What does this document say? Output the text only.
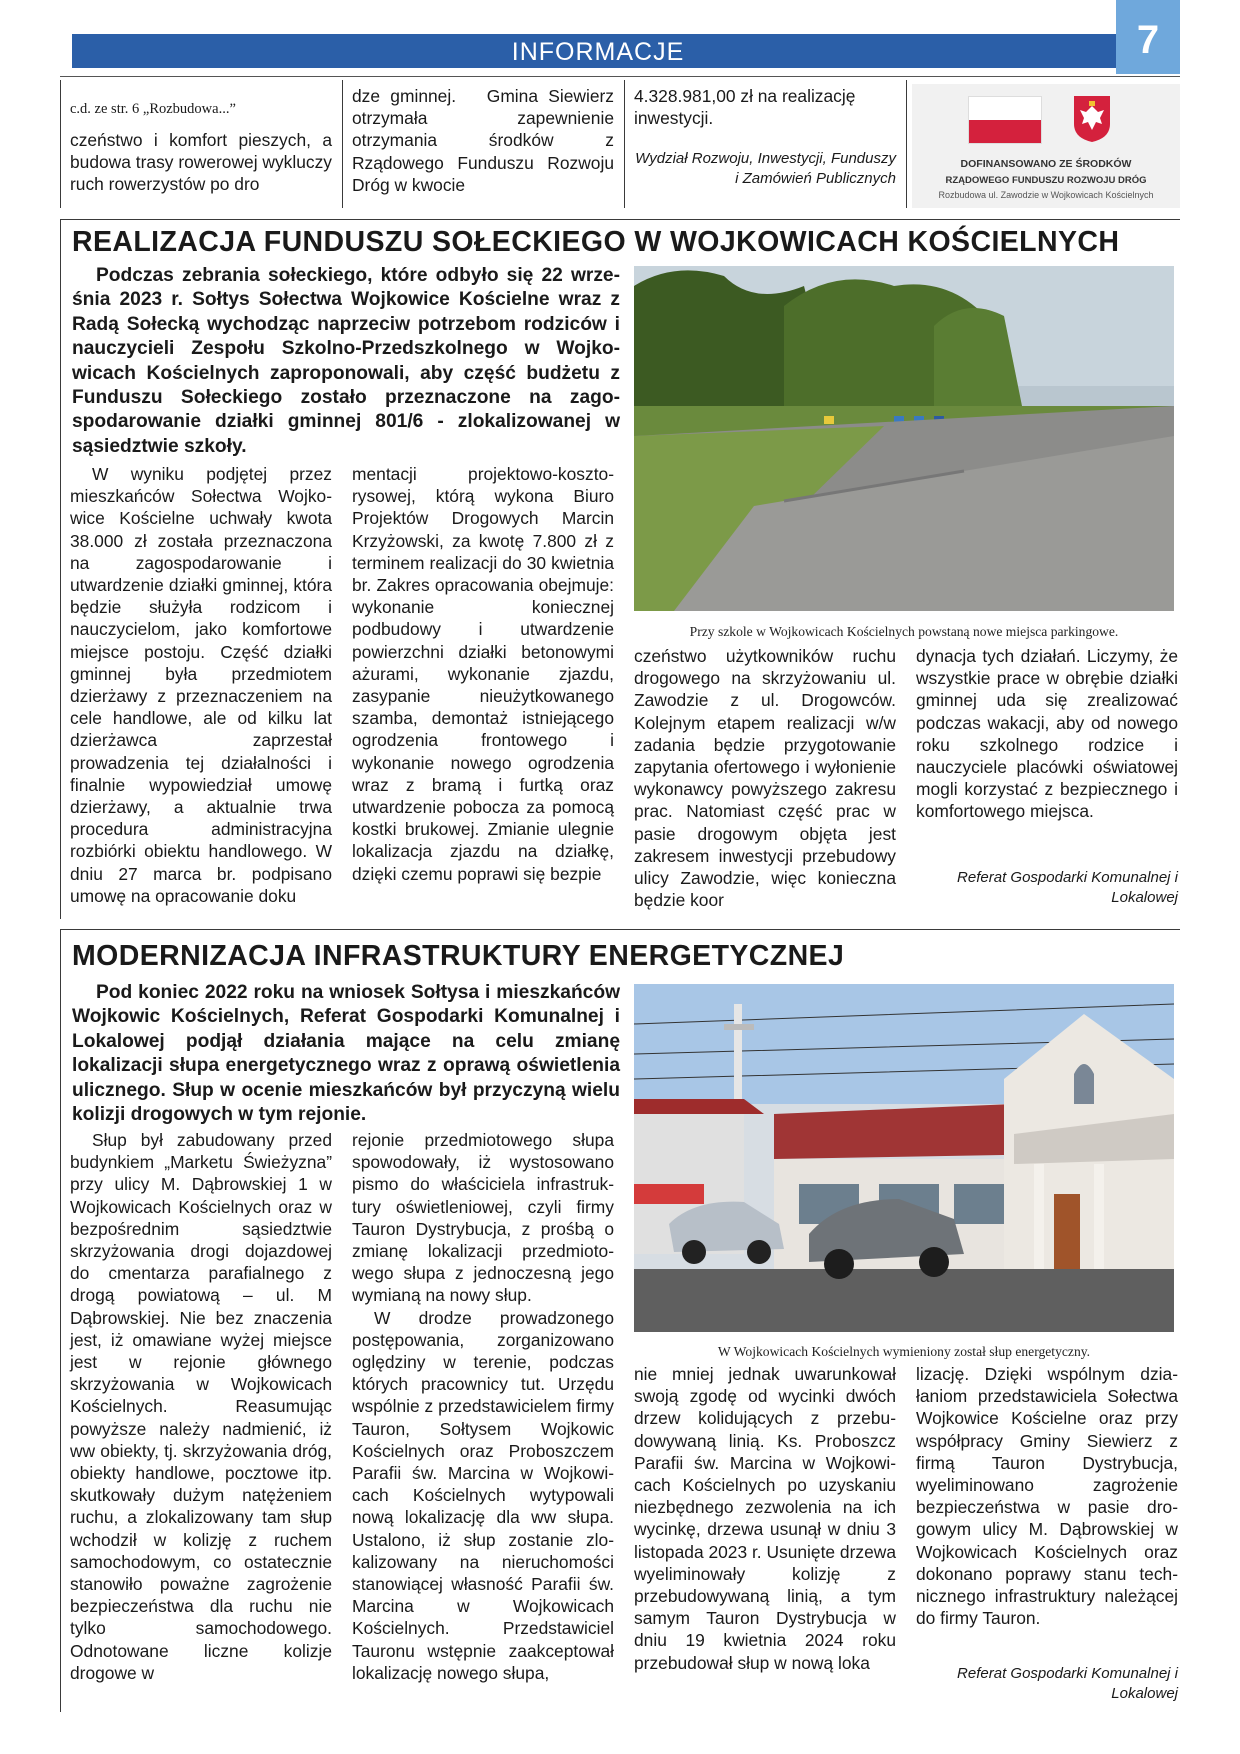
INFORMACJE	7
c.d. ze str. 6 „Rozbudowa...”
czeństwo i komfort pieszych, a budowa trasy rowerowej wykluczy ruch rowerzystów po dro
dze gminnej.   Gmina Siewierz otrzymała zapewnienie otrzymania środków z Rządowego Funduszu Rozwoju Dróg w kwocie
4.328.981,00 zł na realizację inwestycji.
Wydział Rozwoju, Inwestycji, Funduszy i Zamówień Publicznych
DOFINANSOWANO ZE ŚRODKÓW
RZĄDOWEGO FUNDUSZU ROZWOJU DRÓG
Rozbudowa ul. Zawodzie w Wojkowicach Kościelnych
REALIZACJA FUNDUSZU SOŁECKIEGO W WOJKOWICACH KOŚCIELNYCH

Podczas zebrania sołeckiego, które odbyło się 22 września 2023 r. Sołtys Sołectwa Wojkowice Kościelne wraz z Radą Sołecką wychodząc naprzeciw potrzebom rodziców i nauczycieli Zespołu Szkolno-Przedszkolnego w Wojkowicach Kościelnych zaproponowali, aby część budżetu z Funduszu Sołeckiego zostało przeznaczone na zagospodarowanie działki gminnej 801/6 - zlokalizowanej w sąsiedztwie szkoły.

Przy szkole w Wojkowicach Kościelnych powstaną nowe miejsca parkingowe.

W wyniku podjętej przez mieszkańców Sołectwa Wojkowice Kościelne uchwały kwota 38.000 zł została przeznaczona na zagospodarowanie i utwardzenie działki gminnej, która będzie służyła rodzicom i nauczycielom, jako komfortowe miejsce postoju. Część działki gminnej była przedmiotem dzierżawy z przeznaczeniem na cele handlowe, ale od kilku lat dzierżawca zaprzestał prowadzenia tej działalności i finalnie wypowiedział umowę dzierżawy, a aktualnie trwa procedura administracyjna rozbiórki obiektu handlowego. W dniu 27 marca br. podpisano umowę na opracowanie doku

mentacji projektowo-kosztorysowej, którą wykona Biuro Projektów Drogowych Marcin Krzyżowski, za kwotę 7.800 zł z terminem realizacji do 30 kwietnia br. Zakres opracowania obejmuje: wykonanie koniecznej podbudowy i utwardzenie powierzchni działki betonowymi ażurami, wykonanie zjazdu, zasypanie nieużytkowanego szamba, demontaż istniejącego ogrodzenia frontowego i wykonanie nowego ogrodzenia wraz z bramą i furtką oraz utwardzenie pobocza za pomocą kostki brukowej. Zmianie ulegnie lokalizacja zjazdu na działkę, dzięki czemu poprawi się bezpie
czeństwo użytkowników ruchu drogowego na skrzyżowaniu ul. Zawodzie z ul. Drogowców. Kolejnym etapem realizacji w/w zadania będzie przygotowanie zapytania ofertowego i wyłonienie wykonawcy powyższego zakresu prac. Natomiast część prac w pasie drogowym objęta jest zakresem inwestycji przebudowy ulicy Zawodzie, więc konieczna będzie koor
dynacja tych działań. Liczymy, że wszystkie prace w obrębie działki gminnej uda się zrealizować podczas wakacji, aby od nowego roku szkolnego rodzice i nauczyciele placówki oświatowej mogli korzystać z bezpiecznego i komfortowego miejsca.
Referat Gospodarki Komunalnej i Lokalowej
MODERNIZACJA INFRASTRUKTURY ENERGETYCZNEJ

Pod koniec 2022 roku na wniosek Sołtysa i mieszkańców Wojkowic Kościelnych, Referat Gospodarki Komunalnej i Lokalowej podjął działania mające na celu zmianę lokalizacji słupa energetycznego wraz z oprawą oświetlenia ulicznego. Słup w ocenie mieszkańców był przyczyną wielu kolizji drogowych w tym rejonie.

W Wojkowicach Kościelnych wymieniony został słup energetyczny.

Słup był zabudowany przed budynkiem „Marketu Świeżyzna” przy ulicy M. Dąbrowskiej 1 w Wojkowicach Kościelnych oraz w bezpośrednim sąsiedztwie skrzyżowania drogi dojazdowej do cmentarza parafialnego z drogą powiatową – ul. M Dąbrowskiej. Nie bez znaczenia jest, iż omawiane wyżej miejsce jest w rejonie głównego skrzyżowania w Wojkowicach Kościelnych. Reasumując powyższe należy nadmienić, iż ww obiekty, tj. skrzyżowania dróg, obiekty handlowe, pocztowe itp. skutkowały dużym natężeniem ruchu, a zlokalizowany tam słup wchodził w kolizję z ruchem samochodowym, co ostatecznie stanowiło poważne zagrożenie bezpieczeństwa dla ruchu nie tylko samochodowego. Odnotowane liczne kolizje drogowe w

rejonie przedmiotowego słupa spowodowały, iż wystosowano pismo do właściciela infrastruktury oświetleniowej, czyli firmy Tauron Dystrybucja, z prośbą o zmianę lokalizacji przedmiotowego słupa z jednoczesną jego wymianą na nowy słup.

W drodze prowadzonego postępowania, zorganizowano oględziny w terenie, podczas których pracownicy tut. Urzędu wspólnie z przedstawicielem firmy Tauron, Sołtysem Wojkowic Kościelnych oraz Proboszczem Parafii św. Marcina w Wojkowicach Kościelnych wytypowali nową lokalizację dla ww słupa. Ustalono, iż słup zostanie zlokalizowany na nieruchomości stanowiącej własność Parafii św. Marcina w Wojkowicach Kościelnych. Przedstawiciel Tauronu wstępnie zaakceptował lokalizację nowego słupa,

nie mniej jednak uwarunkował swoją zgodę od wycinki dwóch drzew kolidujących z przebudowywaną linią. Ks. Proboszcz Parafii św. Marcina w Wojkowicach Kościelnych po uzyskaniu niezbędnego zezwolenia na ich wycinkę, drzewa usunął w dniu 3 listopada 2023 r. Usunięte drzewa wyeliminowały kolizję z przebudowywaną linią, a tym samym Tauron Dystrybucja w dniu 19 kwietnia 2024 roku przebudował słup w nową loka
lizację. Dzięki wspólnym działaniom przedstawiciela Sołectwa Wojkowice Kościelne oraz przy współpracy Gminy Siewierz z firmą Tauron Dystrybucja, wyeliminowano zagrożenie bezpieczeństwa w pasie drogowym ulicy M. Dąbrowskiej w Wojkowicach Kościelnych oraz dokonano poprawy stanu technicznego infrastruktury należącej do firmy Tauron.
Referat Gospodarki Komunalnej i Lokalowej
